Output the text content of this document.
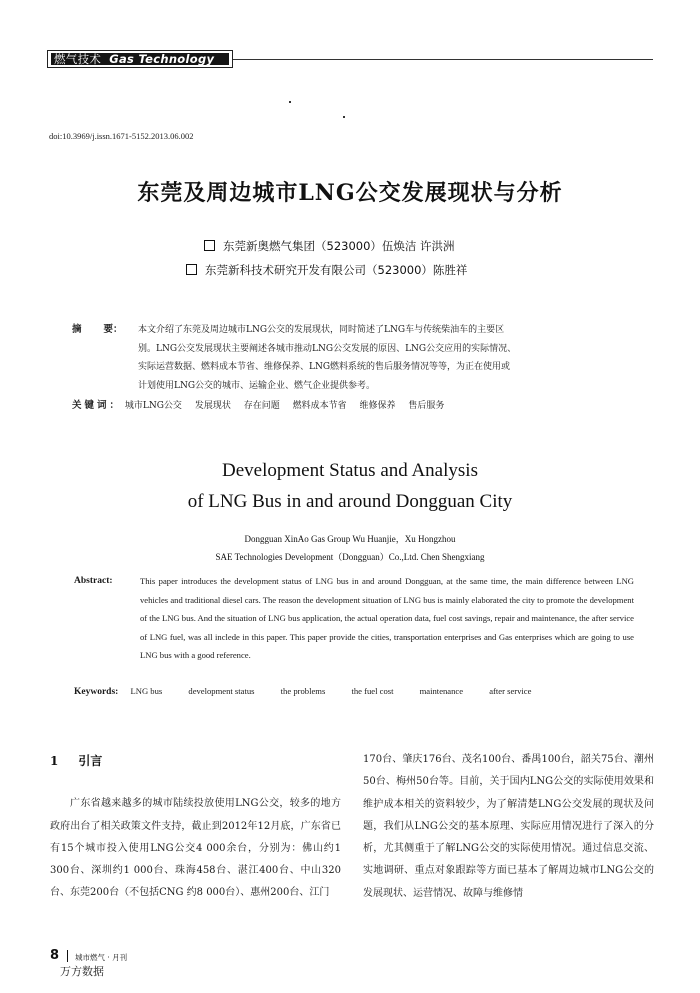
燃气技术 Gas Technology
doi:10.3969/j.issn.1671-5152.2013.06.002
东莞及周边城市LNG公交发展现状与分析
东莞新奥燃气集团（523000）伍焕洁 许洪洲
东莞新科技术研究开发有限公司（523000）陈胜祥
摘 要： 本文介绍了东莞及周边城市LNG公交的发展现状，同时简述了LNG车与传统柴油车的主要区
别。LNG公交发展现状主要阐述各城市推动LNG公交发展的原因、LNG公交应用的实际情况、
实际运营数据、燃料成本节省、维修保养、LNG燃料系统的售后服务情况等等，为正在使用或
计划使用LNG公交的城市、运输企业、燃气企业提供参考。
关键词： 城市LNG公交 发展现状 存在问题 燃料成本节省 维修保养 售后服务
Development Status and Analysis
of LNG Bus in and around Dongguan City
Dongguan XinAo Gas Group Wu Huanjie，Xu Hongzhou
SAE Technologies Development（Dongguan）Co.,Ltd. Chen Shengxiang
Abstract:	This paper introduces the development status of LNG bus in and around Dongguan, at the same time, the main difference between LNG vehicles and traditional diesel cars. The reason the development situation of LNG bus is mainly elaborated the city to promote the development of the LNG bus. And the situation of LNG bus application, the actual operation data, fuel cost savings, repair and maintenance, the after service of LNG fuel, was all inclede in this paper. This paper provide the cities, transportation enterprises and Gas enterprises which are going to use LNG bus with a good reference.
Keywords: LNG bus	development status	the problems	the fuel cost	maintenance	after service
1 引言

广东省越来越多的城市陆续投放使用LNG公交，较多的地方政府出台了相关政策文件支持，截止到2012年12月底，广东省已有15个城市投入使用LNG公交4 000余台，分别为：佛山约1 300台、深圳约1 000台、珠海458台、湛江400台、中山320台、东莞200台（不包括CNG 约8 000台）、惠州200台、江门

170台、肇庆176台、茂名100台、番禺100台，韶关75台、潮州50台、梅州50台等。目前，关于国内LNG公交的实际使用效果和维护成本相关的资料较少，为了解清楚LNG公交发展的现状及问题，我们从LNG公交的基本原理、实际应用情况进行了深入的分析，尤其侧重于了解LNG公交的实际使用情况。通过信息交流、实地调研、重点对象跟踪等方面已基本了解周边城市LNG公交的发展现状、运营情况、故障与维修情

8 城市燃气 · 月刊
万方数据
